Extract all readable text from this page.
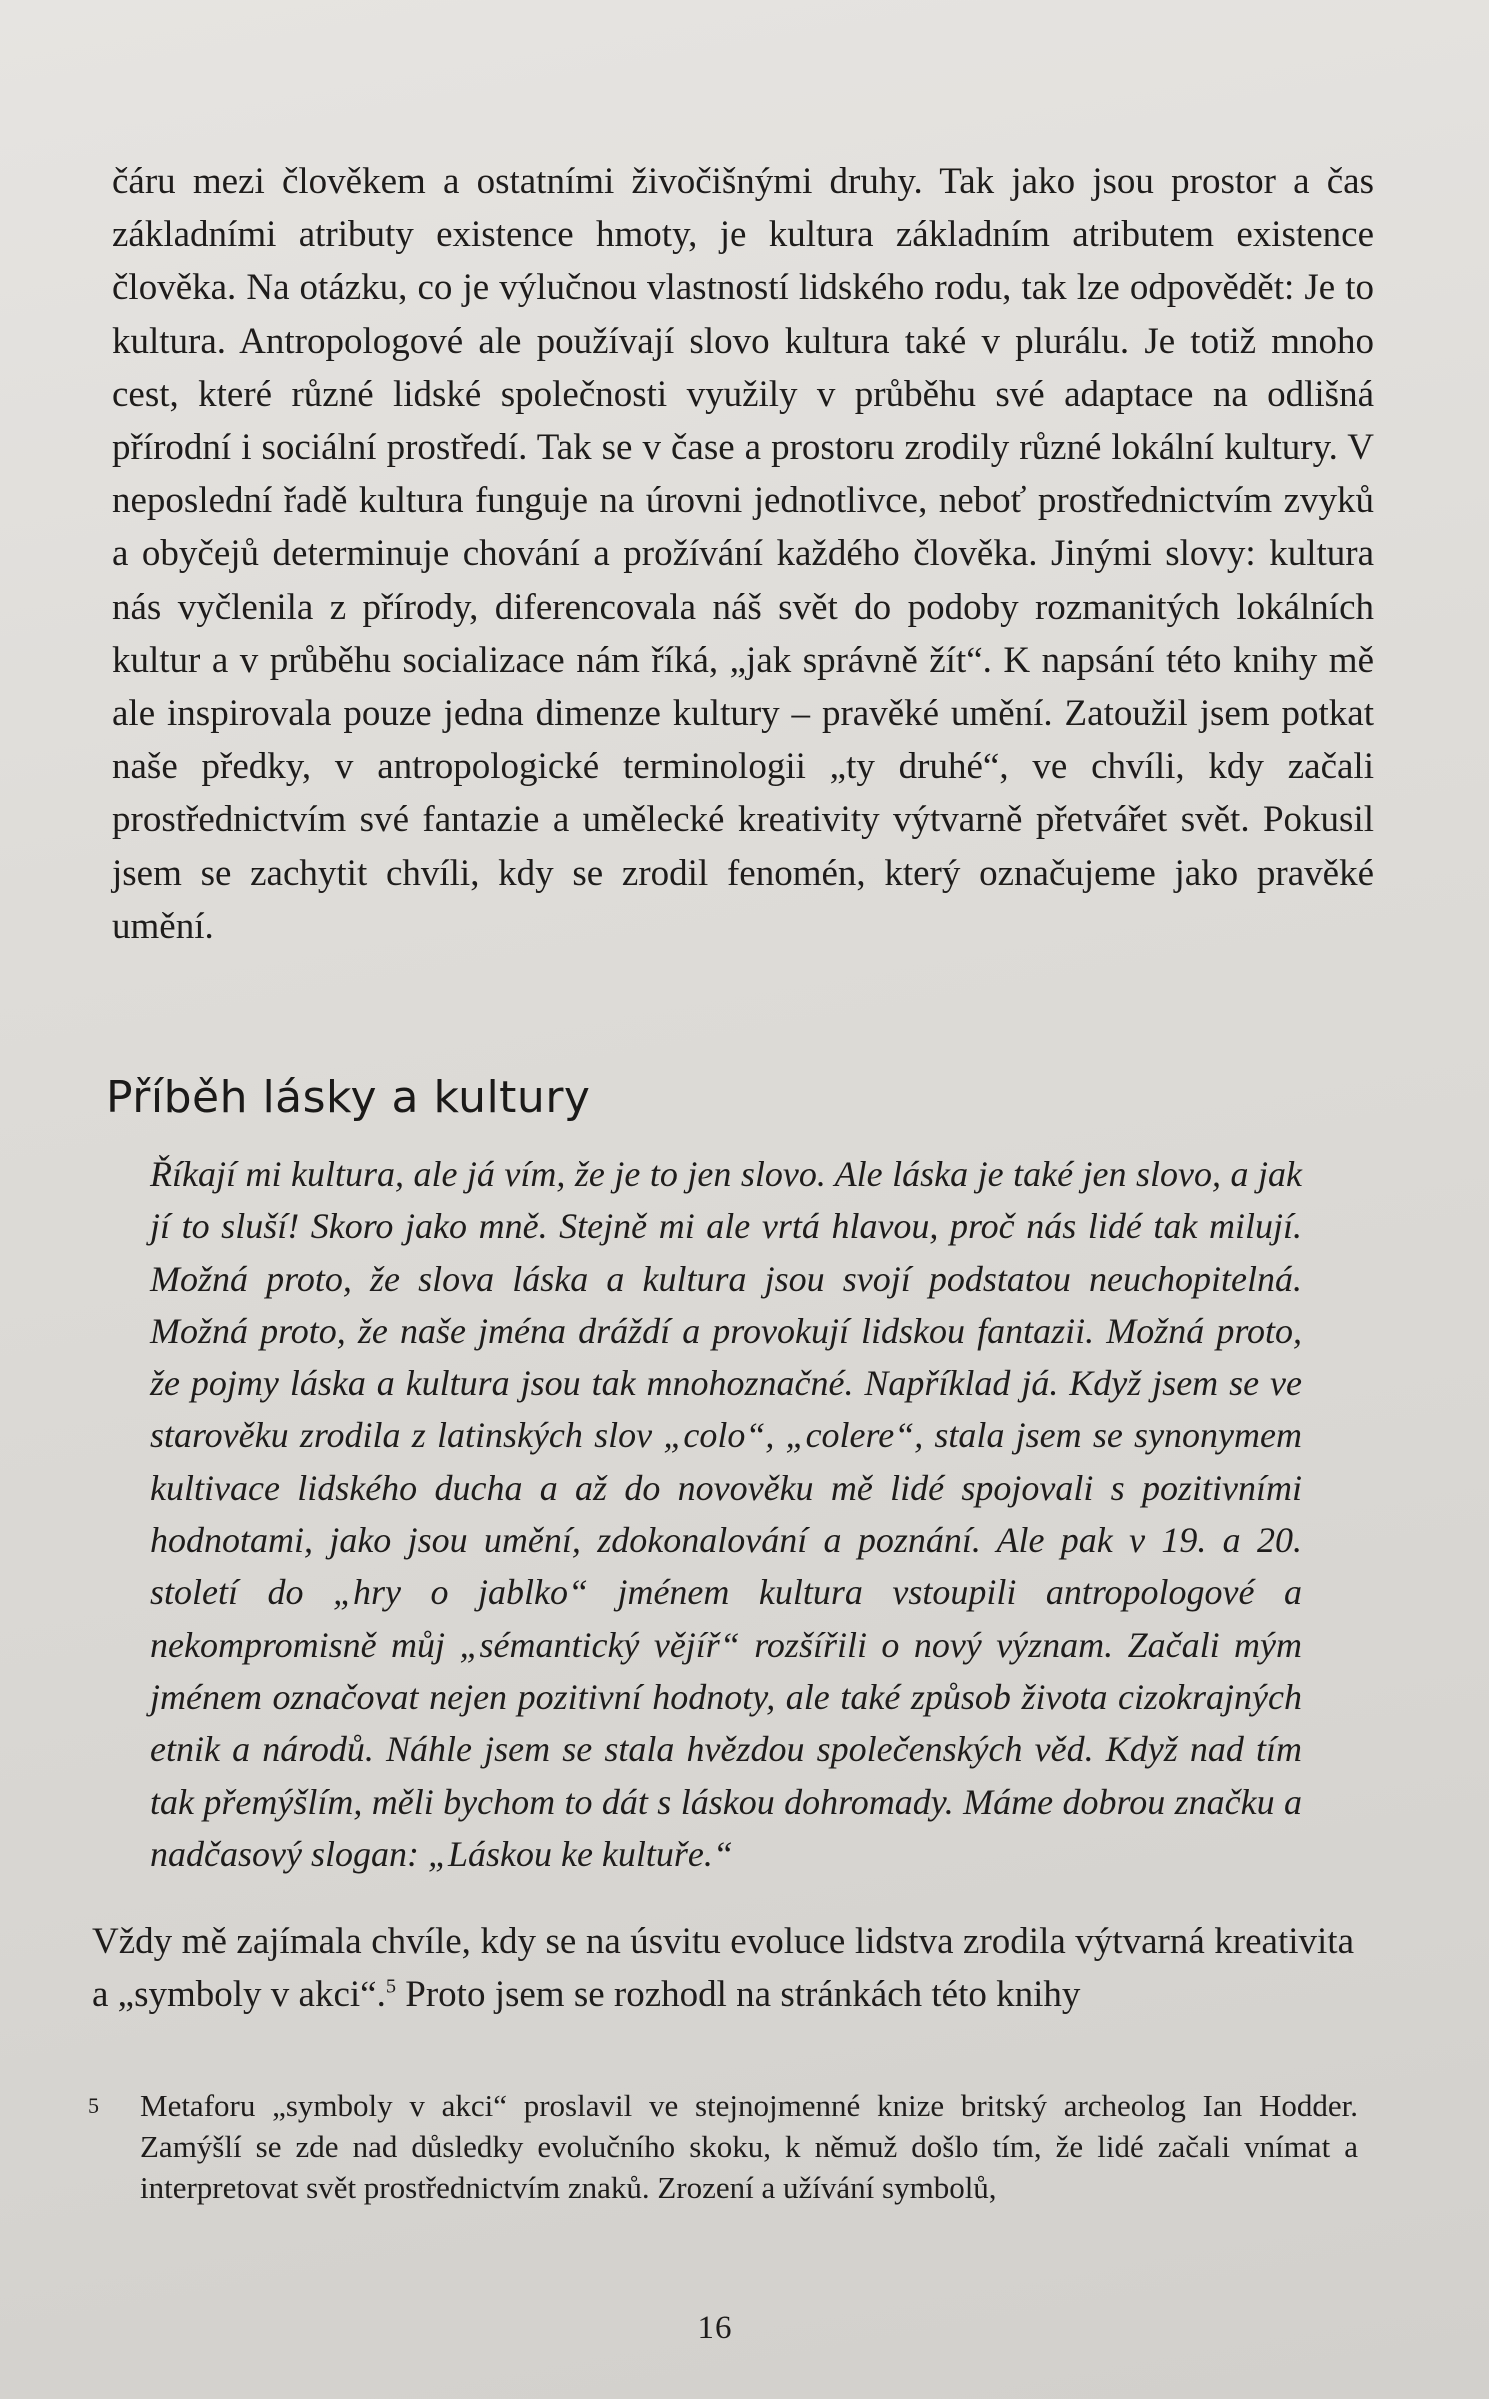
čáru mezi člověkem a ostatními živočišnými druhy. Tak jako jsou prostor a čas základními atributy existence hmoty, je kultura základním atributem existence člověka. Na otázku, co je výlučnou vlastností lidského rodu, tak lze odpovědět: Je to kultura. Antropologové ale používají slovo kultura také v plurálu. Je totiž mnoho cest, které různé lidské společnosti využily v průběhu své adaptace na odlišná přírodní i sociální prostředí. Tak se v čase a prostoru zrodily různé lokální kultury. V neposlední řadě kultura funguje na úrovni jednotlivce, neboť prostřednictvím zvyků a obyčejů determinuje chování a prožívání každého člověka. Jinými slovy: kultura nás vyčlenila z přírody, diferencovala náš svět do podoby rozmanitých lokálních kultur a v průběhu socializace nám říká, „jak správně žít“. K napsání této knihy mě ale inspirovala pouze jedna dimenze kultury – pravěké umění. Zatoužil jsem potkat naše předky, v antropologické terminologii „ty druhé“, ve chvíli, kdy začali prostřednictvím své fantazie a umělecké kreativity výtvarně přetvářet svět. Pokusil jsem se zachytit chvíli, kdy se zrodil fenomén, který označujeme jako pravěké umění.

Příběh lásky a kultury

Říkají mi kultura, ale já vím, že je to jen slovo. Ale láska je také jen slovo, a jak jí to sluší! Skoro jako mně. Stejně mi ale vrtá hlavou, proč nás lidé tak milují. Možná proto, že slova láska a kultura jsou svojí podstatou neuchopitelná. Možná proto, že naše jména dráždí a provokují lidskou fantazii. Možná proto, že pojmy láska a kultura jsou tak mnohoznačné. Například já. Když jsem se ve starověku zrodila z latinských slov „colo“, „colere“, stala jsem se synonymem kultivace lidského ducha a až do novověku mě lidé spojovali s pozitivními hodnotami, jako jsou umění, zdokonalování a poznání. Ale pak v 19. a 20. století do „hry o jablko“ jménem kultura vstoupili antropologové a nekompromisně můj „sémantický vějíř“ rozšířili o nový význam. Začali mým jménem označovat nejen pozitivní hodnoty, ale také způsob života cizokrajných etnik a národů. Náhle jsem se stala hvězdou společenských věd. Když nad tím tak přemýšlím, měli bychom to dát s láskou dohromady. Máme dobrou značku a nadčasový slogan: „Láskou ke kultuře.“

Vždy mě zajímala chvíle, kdy se na úsvitu evoluce lidstva zrodila výtvarná kreativita a „symboly v akci“.$^5$ Proto jsem se rozhodl na stránkách této knihy

5 Metaforu „symboly v akci“ proslavil ve stejnojmenné knize britský archeolog Ian Hodder. Zamýšlí se zde nad důsledky evolučního skoku, k němuž došlo tím, že lidé začali vnímat a interpretovat svět prostřednictvím znaků. Zrození a užívání symbolů,

16
